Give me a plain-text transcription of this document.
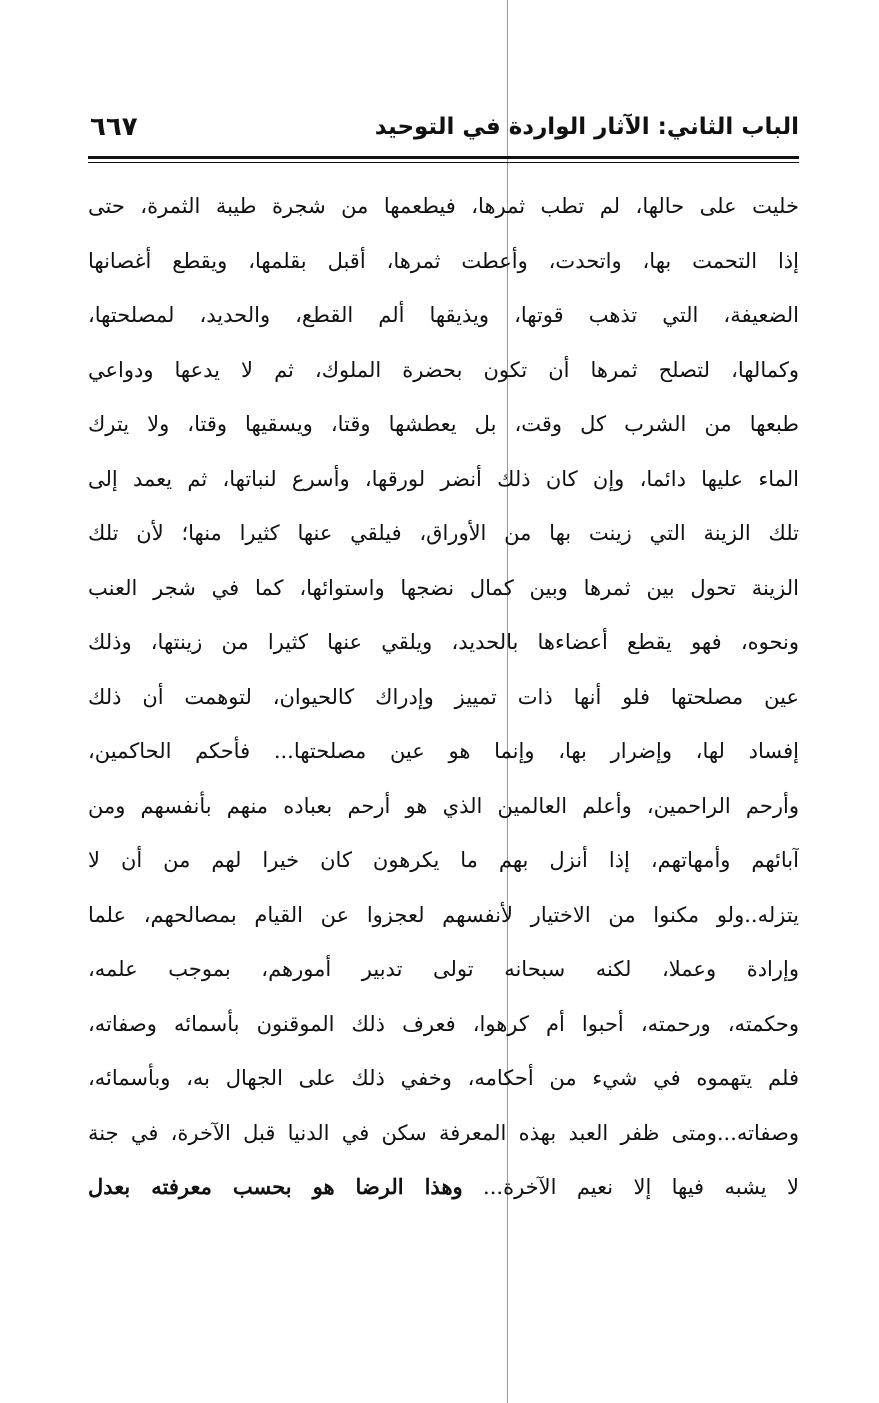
الباب الثاني: الآثار الواردة في التوحيد
٦٦٧
خليت على حالها، لم تطب ثمرها، فيطعمها من شجرة طيبة الثمرة، حتى
إذا التحمت بها، واتحدت، وأعطت ثمرها، أقبل بقلمها، ويقطع أغصانها
الضعيفة، التي تذهب قوتها، ويذيقها ألم القطع، والحديد، لمصلحتها،
وكمالها، لتصلح ثمرها أن تكون بحضرة الملوك، ثم لا يدعها ودواعي
طبعها من الشرب كل وقت، بل يعطشها وقتا، ويسقيها وقتا، ولا يترك
الماء عليها دائما، وإن كان ذلك أنضر لورقها، وأسرع لنباتها، ثم يعمد إلى
تلك الزينة التي زينت بها من الأوراق، فيلقي عنها كثيرا منها؛ لأن تلك
الزينة تحول بين ثمرها وبين كمال نضجها واستوائها، كما في شجر العنب
ونحوه، فهو يقطع أعضاءها بالحديد، ويلقي عنها كثيرا من زينتها، وذلك
عين مصلحتها فلو أنها ذات تمييز وإدراك كالحيوان، لتوهمت أن ذلك
إفساد لها، وإضرار بها، وإنما هو عين مصلحتها... فأحكم الحاكمين،
وأرحم الراحمين، وأعلم العالمين الذي هو أرحم بعباده منهم بأنفسهم ومن
آبائهم وأمهاتهم، إذا أنزل بهم ما يكرهون كان خيرا لهم من أن لا
يتزله..ولو مكنوا من الاختيار لأنفسهم لعجزوا عن القيام بمصالحهم، علما
وإرادة وعملا، لكنه سبحانه تولى تدبير أمورهم، بموجب علمه،
وحكمته، ورحمته، أحبوا أم كرهوا، فعرف ذلك الموقنون بأسمائه وصفاته،
فلم يتهموه في شيء من أحكامه، وخفي ذلك على الجهال به، وبأسمائه،
وصفاته...ومتى ظفر العبد بهذه المعرفة سكن في الدنيا قبل الآخرة، في جنة
لا يشبه فيها إلا نعيم الآخرة... وهذا الرضا هو بحسب معرفته بعدل
